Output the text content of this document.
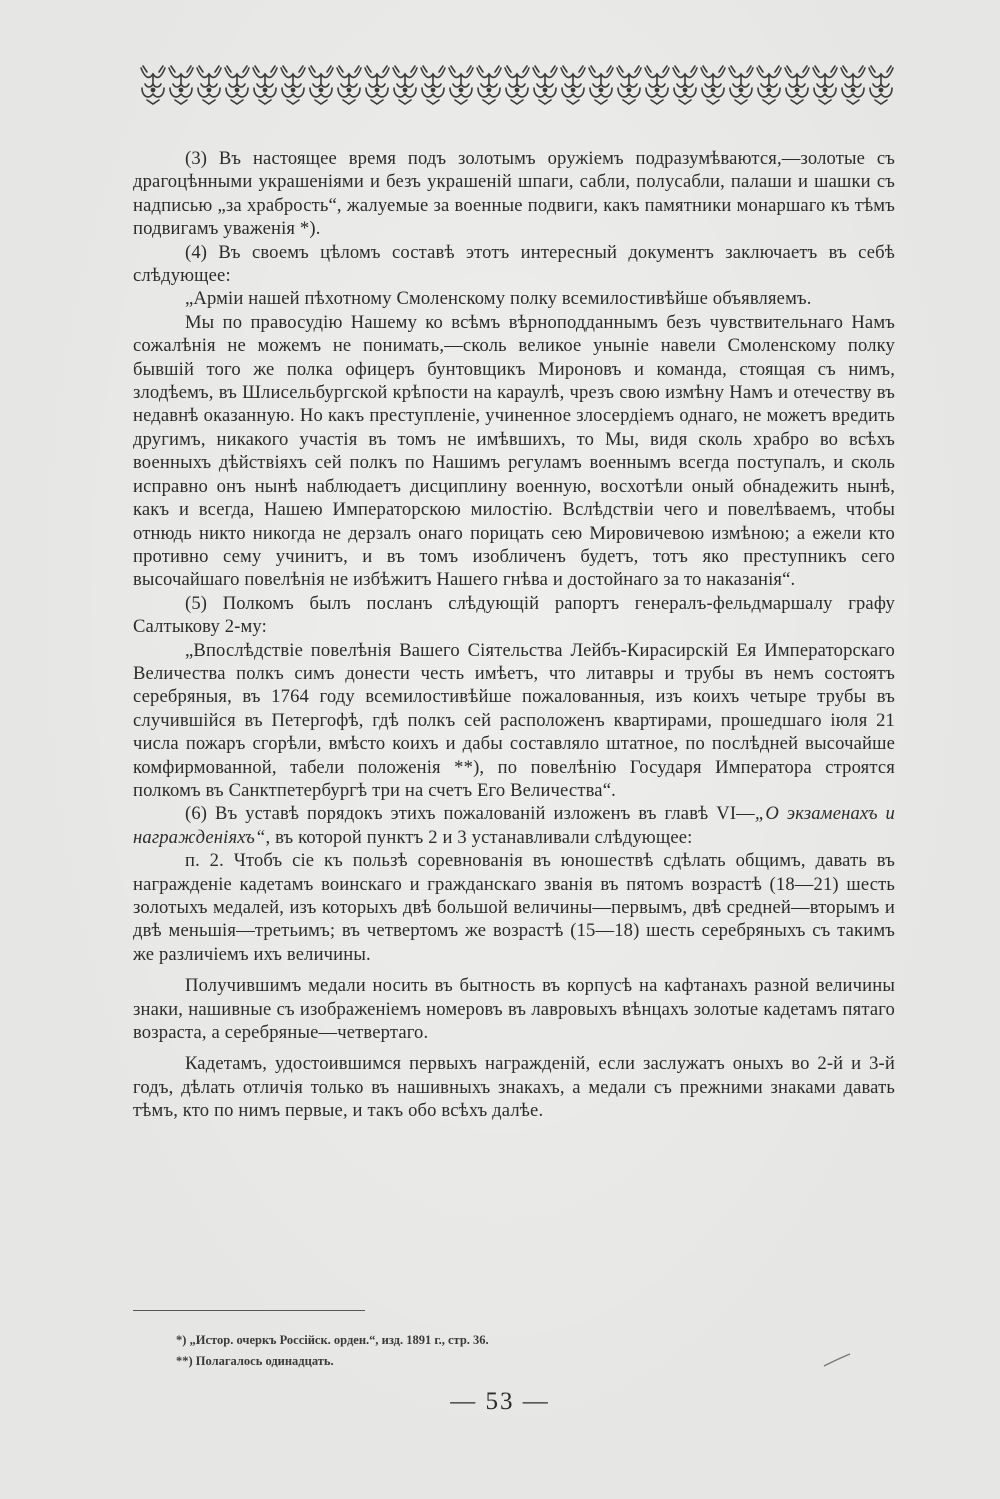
(3) Въ настоящее время подъ золотымъ оружіемъ подразумѣваются,—золотые съ драгоцѣнными украшеніями и безъ украшеній шпаги, сабли, полусабли, палаши и шашки съ надписью „за храбрость“, жалуемые за военные подвиги, какъ памятники монаршаго къ тѣмъ подвигамъ уваженія *).

(4) Въ своемъ цѣломъ составѣ этотъ интересный документъ заключаетъ въ себѣ слѣдующее:

„Арміи нашей пѣхотному Смоленскому полку всемилостивѣйше объявляемъ.

Мы по правосудію Нашему ко всѣмъ вѣрноподданнымъ безъ чувствительнаго Намъ сожалѣнія не можемъ не понимать,—сколь великое уныніе навели Смоленскому полку бывшій того же полка офицеръ бунтовщикъ Мироновъ и команда, стоящая съ нимъ, злодѣемъ, въ Шлисельбургской крѣпости на караулѣ, чрезъ свою измѣну Намъ и отечеству въ недавнѣ оказанную. Но какъ преступленіе, учиненное злосердіемъ однаго, не можетъ вредить другимъ, никакого участія въ томъ не имѣвшихъ, то Мы, видя сколь храбро во всѣхъ военныхъ дѣйствіяхъ сей полкъ по Нашимъ регуламъ военнымъ всегда поступалъ, и сколь исправно онъ нынѣ наблюдаетъ дисциплину военную, восхотѣли оный обнадежить нынѣ, какъ и всегда, Нашею Императорскою милостію. Вслѣдствіи чего и повелѣваемъ, чтобы отнюдь никто никогда не дерзалъ онаго порицать сею Мировичевою измѣною; а ежели кто противно сему учинитъ, и въ томъ изобличенъ будетъ, тотъ яко преступникъ сего высочайшаго повелѣнія не избѣжитъ Нашего гнѣва и достойнаго за то наказанія“.

(5) Полкомъ былъ посланъ слѣдующій рапортъ генералъ-фельдмаршалу графу Салтыкову 2-му:

„Впослѣдствіе повелѣнія Вашего Сіятельства Лейбъ-Кирасирскій Ея Императорскаго Величества полкъ симъ донести честь имѣетъ, что литавры и трубы въ немъ состоятъ серебряныя, въ 1764 году всемилостивѣйше пожалованныя, изъ коихъ четыре трубы въ случившійся въ Петергофѣ, гдѣ полкъ сей расположенъ квартирами, прошедшаго іюля 21 числа пожаръ сгорѣли, вмѣсто коихъ и дабы составляло штатное, по послѣдней высочайше комфирмованной, табели положенія **), по повелѣнію Государя Императора строятся полкомъ въ Санктпетербургѣ три на счетъ Его Величества“.

(6) Въ уставѣ порядокъ этихъ пожалованій изложенъ въ главѣ VI—„О экзаменахъ и награжденіяхъ“, въ которой пунктъ 2 и 3 устанавливали слѣдующее:

п. 2. Чтобъ сіе къ пользѣ соревнованія въ юношествѣ сдѣлать общимъ, давать въ награжденіе кадетамъ воинскаго и гражданскаго званія въ пятомъ возрастѣ (18—21) шесть золотыхъ медалей, изъ которыхъ двѣ большой величины—первымъ, двѣ средней—вторымъ и двѣ меньшія—третьимъ; въ четвертомъ же возрастѣ (15—18) шесть серебряныхъ съ такимъ же различіемъ ихъ величины.

Получившимъ медали носить въ бытность въ корпусѣ на кафтанахъ разной величины знаки, нашивные съ изображеніемъ номеровъ въ лавровыхъ вѣнцахъ золотые кадетамъ пятаго возраста, а серебряные—четвертаго.

Кадетамъ, удостоившимся первыхъ награжденій, если заслужатъ оныхъ во 2-й и 3-й годъ, дѣлать отличія только въ нашивныхъ знакахъ, а медали съ прежними знаками давать тѣмъ, кто по нимъ первые, и такъ обо всѣхъ далѣе.

*) „Истор. очеркъ Россійск. орден.“, изд. 1891 г., стр. 36.

**) Полагалось одинадцать.

— 53 —
